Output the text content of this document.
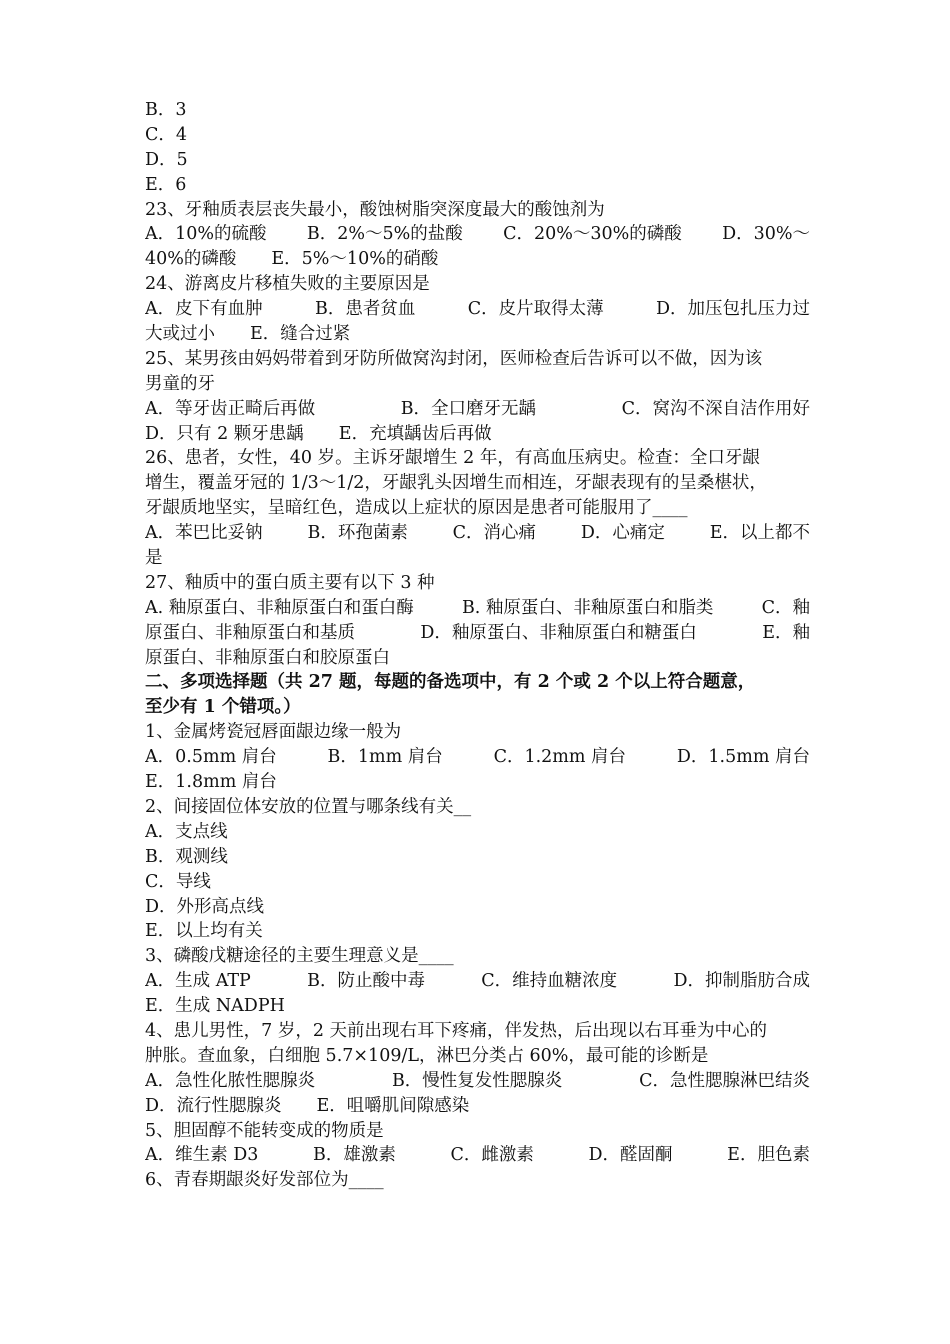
B．3
C．4
D．5
E．6
23、牙釉质表层丧失最小，酸蚀树脂突深度最大的酸蚀剂为
A．10%的硫酸 B．2%～5%的盐酸 C．20%～30%的磷酸 D．30%～
40%的磷酸　　E．5%～10%的硝酸
24、游离皮片移植失败的主要原因是
A．皮下有血肿	B．患者贫血	C．皮片取得太薄	D．加压包扎压力过
大或过小　　E．缝合过紧
25、某男孩由妈妈带着到牙防所做窝沟封闭，医师检查后告诉可以不做，因为该
男童的牙
A．等牙齿正畸后再做	B．全口磨牙无龋	C．窝沟不深自洁作用好
D．只有 2 颗牙患龋　　E．充填龋齿后再做
26、患者，女性，40 岁。主诉牙龈增生 2 年，有高血压病史。检查：全口牙龈
增生，覆盖牙冠的 1/3～1/2，牙龈乳头因增生而相连，牙龈表现有的呈桑椹状，
牙龈质地坚实，呈暗红色，造成以上症状的原因是患者可能服用了____
A．苯巴比妥钠	B．环孢菌素	C．消心痛	D．心痛定	E．以上都不
是
27、釉质中的蛋白质主要有以下 3 种
A. 釉原蛋白、非釉原蛋白和蛋白酶	B. 釉原蛋白、非釉原蛋白和脂类	C．釉
原蛋白、非釉原蛋白和基质	D．釉原蛋白、非釉原蛋白和糖蛋白	E．釉
原蛋白、非釉原蛋白和胶原蛋白
二、多项选择题（共 27 题，每题的备选项中，有 2 个或 2 个以上符合题意，
至少有 1 个错项。）
1、金属烤瓷冠唇面龈边缘一般为
A．0.5mm 肩台	B．1mm 肩台	C．1.2mm 肩台	D．1.5mm 肩台
E．1.8mm 肩台
2、间接固位体安放的位置与哪条线有关__
A．支点线
B．观测线
C．导线
D．外形高点线
E．以上均有关
3、磷酸戊糖途径的主要生理意义是____
A．生成 ATP	B．防止酸中毒	C．维持血糖浓度	D．抑制脂肪合成
E．生成 NADPH
4、患儿男性，7 岁，2 天前出现右耳下疼痛，伴发热，后出现以右耳垂为中心的
肿胀。查血象，白细胞 5.7×109/L，淋巴分类占 60%，最可能的诊断是
A．急性化脓性腮腺炎	B．慢性复发性腮腺炎	C．急性腮腺淋巴结炎
D．流行性腮腺炎　　E．咀嚼肌间隙感染
5、胆固醇不能转变成的物质是
A．维生素 D3	B．雄激素	C．雌激素	D．醛固酮	E．胆色素
6、青春期龈炎好发部位为____
